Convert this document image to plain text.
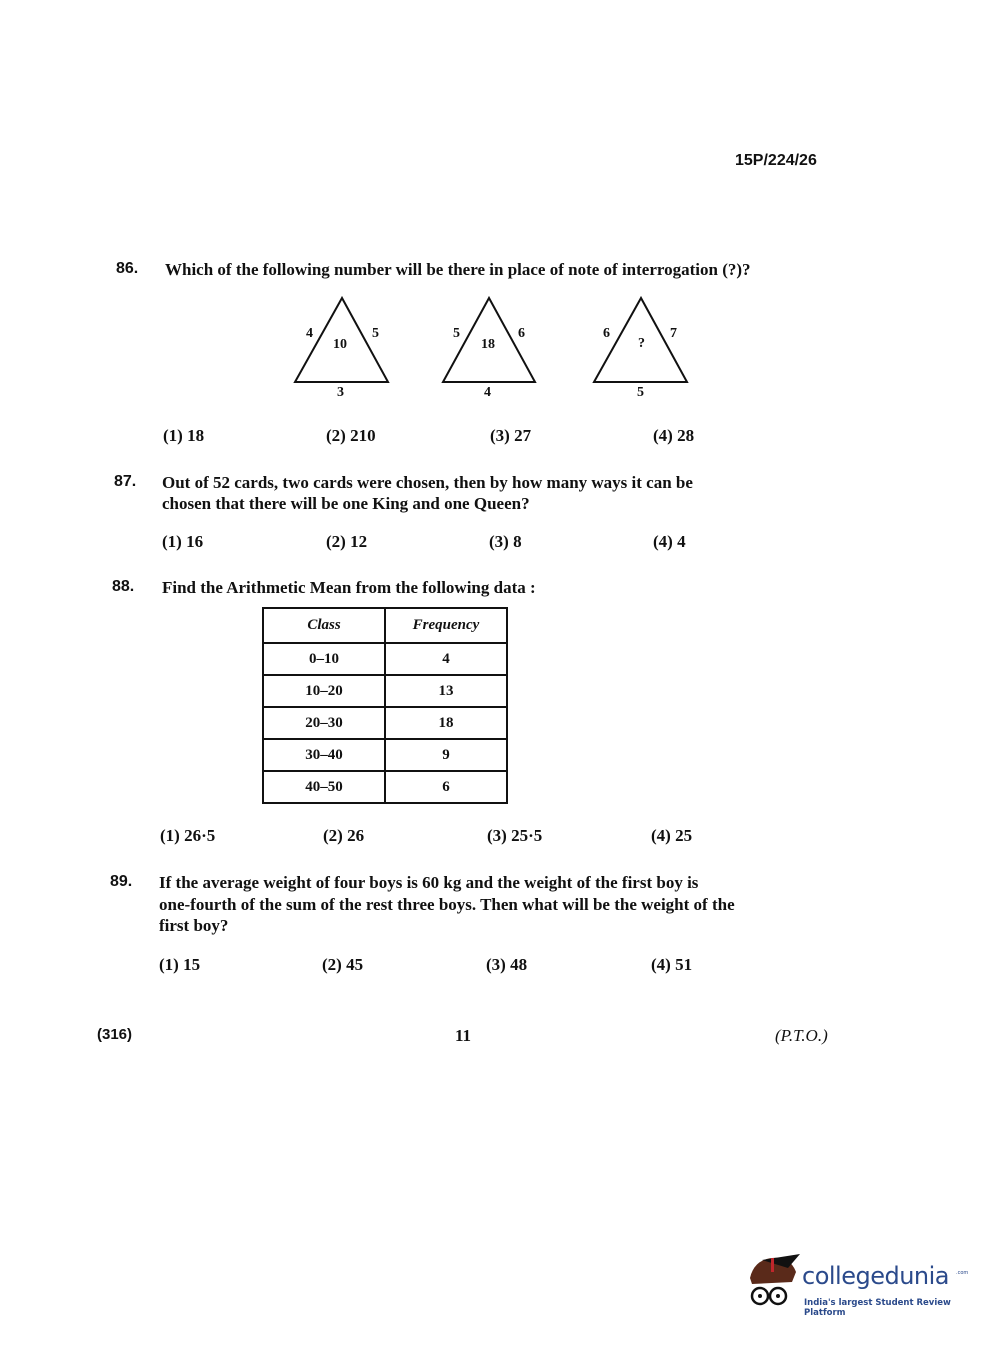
15P/224/26
86. Which of the following number will be there in place of note of interrogation (?)?
4	5
10
3
5	6
18
4
6	7
?
5
(1) 18	(2) 210	(3) 27	(4) 28
87. Out of 52 cards, two cards were chosen, then by how many ways it can be
chosen that there will be one King and one Queen?
(1) 16	(2) 12	(3) 8	(4) 4
88. Find the Arithmetic Mean from the following data :
Class	Frequency
0–10	4
10–20	13
20–30	18
30–40	9
40–50	6
(1) 26·5	(2) 26	(3) 25·5	(4) 25
89. If the average weight of four boys is 60 kg and the weight of the first boy is
one-fourth of the sum of the rest three boys. Then what will be the weight of the
first boy?
(1) 15	(2) 45	(3) 48	(4) 51
(316)	11	(P.T.O.)
collegedunia .com
India's largest Student Review Platform
